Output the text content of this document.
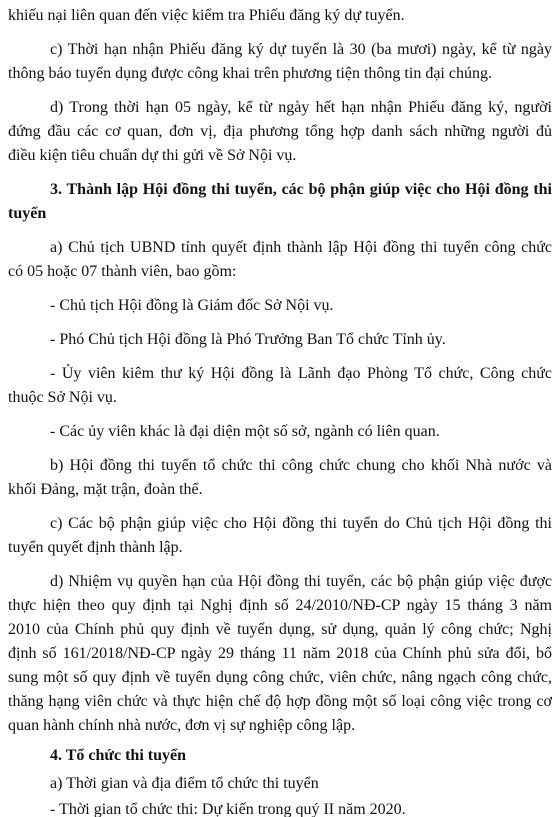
khiếu nại liên quan đến việc kiểm tra Phiếu đăng ký dự tuyển.
c) Thời hạn nhận Phiếu đăng ký dự tuyển là 30 (ba mươi) ngày, kể từ ngày
thông báo tuyển dụng được công khai trên phương tiện thông tin đại chúng.
d) Trong thời hạn 05 ngày, kể từ ngày hết hạn nhận Phiếu đăng ký, người
đứng đầu các cơ quan, đơn vị, địa phương tổng hợp danh sách những người đủ
điều kiện tiêu chuẩn dự thi gửi về Sở Nội vụ.
3. Thành lập Hội đồng thi tuyển, các bộ phận giúp việc cho Hội đồng thi
tuyển
a) Chủ tịch UBND tỉnh quyết định thành lập Hội đồng thi tuyển công chức
có 05 hoặc 07 thành viên, bao gồm:
- Chủ tịch Hội đồng là Giám đốc Sở Nội vụ.
- Phó Chủ tịch Hội đồng là Phó Trưởng Ban Tổ chức Tỉnh ủy.
- Ủy viên kiêm thư ký Hội đồng là Lãnh đạo Phòng Tổ chức, Công chức
thuộc Sở Nội vụ.
- Các ủy viên khác là đại diện một số sở, ngành có liên quan.
b) Hội đồng thi tuyển tổ chức thi công chức chung cho khối Nhà nước và
khối Đảng, mặt trận, đoàn thể.
c) Các bộ phận giúp việc cho Hội đồng thi tuyển do Chủ tịch Hội đồng thi
tuyển quyết định thành lập.
d) Nhiệm vụ quyền hạn của Hội đồng thi tuyển, các bộ phận giúp việc được
thực hiện theo quy định tại Nghị định số 24/2010/NĐ-CP ngày 15 tháng 3 năm
2010 của Chính phủ quy định về tuyển dụng, sử dụng, quản lý công chức; Nghị
định số 161/2018/NĐ-CP ngày 29 tháng 11 năm 2018 của Chính phủ sửa đổi, bổ
sung một số quy định về tuyển dụng công chức, viên chức, nâng ngạch công chức,
thăng hạng viên chức và thực hiện chế độ hợp đồng một số loại công việc trong cơ
quan hành chính nhà nước, đơn vị sự nghiệp công lập.
4. Tổ chức thi tuyển
a) Thời gian và địa điểm tổ chức thi tuyển
- Thời gian tổ chức thi: Dự kiến trong quý II năm 2020.
